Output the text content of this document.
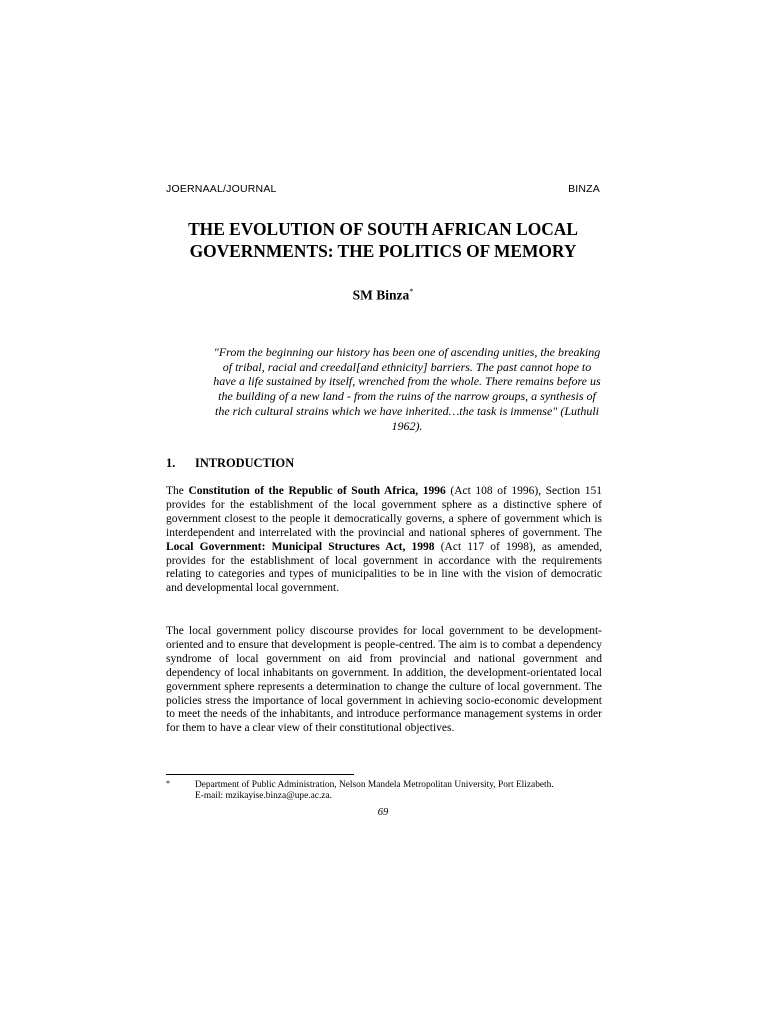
JOERNAAL/JOURNAL	BINZA
THE EVOLUTION OF SOUTH AFRICAN LOCAL
GOVERNMENTS: THE POLITICS OF MEMORY

SM Binza*

"From the beginning our history has been one of ascending unities, the breaking of tribal, racial and creedal[and ethnicity] barriers. The past cannot hope to have a life sustained by itself, wrenched from the whole. There remains before us the building of a new land - from the ruins of the narrow groups, a synthesis of the rich cultural strains which we have inherited…the task is immense" (Luthuli 1962).

1. INTRODUCTION

The Constitution of the Republic of South Africa, 1996 (Act 108 of 1996), Section 151 provides for the establishment of the local government sphere as a distinctive sphere of government closest to the people it democratically governs, a sphere of government which is interdependent and interrelated with the provincial and national spheres of government. The Local Government: Municipal Structures Act, 1998 (Act 117 of 1998), as amended, provides for the establishment of local government in accordance with the requirements relating to categories and types of municipalities to be in line with the vision of democratic and developmental local government.

The local government policy discourse provides for local government to be development-oriented and to ensure that development is people-centred. The aim is to combat a dependency syndrome of local government on aid from provincial and national government and dependency of local inhabitants on government. In addition, the development-orientated local government sphere represents a determination to change the culture of local government. The policies stress the importance of local government in achieving socio-economic development to meet the needs of the inhabitants, and introduce performance management systems in order for them to have a clear view of their constitutional objectives.

*	Department of Public Administration, Nelson Mandela Metropolitan University, Port Elizabeth.
E-mail: mzikayise.binza@upe.ac.za.

69
